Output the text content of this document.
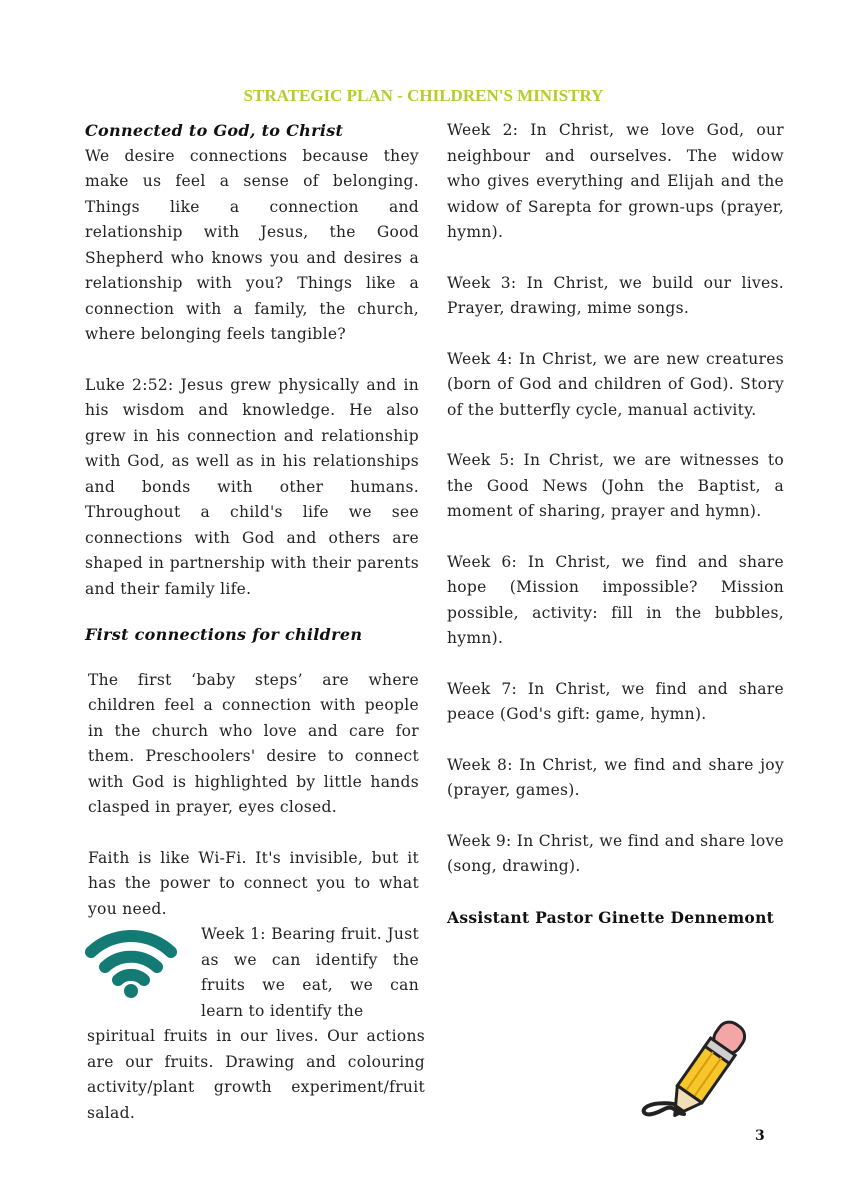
STRATEGIC PLAN - CHILDREN'S MINISTRY

Connected to God, to Christ

We desire connections because they make us feel a sense of belonging. Things like a connection and relationship with Jesus, the Good Shepherd who knows you and desires a relationship with you? Things like a connection with a family, the church, where belonging feels tangible?

Luke 2:52: Jesus grew physically and in his wisdom and knowledge. He also grew in his connection and relationship with God, as well as in his relationships and bonds with other humans. Throughout a child's life we see connections with God and others are shaped in partnership with their parents and their family life.

First connections for children

The first ‘baby steps’ are where children feel a connection with people in the church who love and care for them. Preschoolers' desire to connect with God is highlighted by little hands clasped in prayer, eyes closed.

Faith is like Wi-Fi. It's invisible, but it has the power to connect you to what you need.

Week 1: Bearing fruit. Just as we can identify the fruits we eat, we can learn to identify the

spiritual fruits in our lives. Our actions are our fruits. Drawing and colouring activity/plant growth experiment/fruit salad.

Week 2: In Christ, we love God, our neighbour and ourselves. The widow who gives everything and Elijah and the widow of Sarepta for grown-ups (prayer, hymn).

Week 3: In Christ, we build our lives. Prayer, drawing, mime songs.

Week 4: In Christ, we are new creatures (born of God and children of God). Story of the butterfly cycle, manual activity.

Week 5: In Christ, we are witnesses to the Good News (John the Baptist, a moment of sharing, prayer and hymn).

Week 6: In Christ, we find and share hope (Mission impossible? Mission possible, activity: fill in the bubbles, hymn).

Week 7: In Christ, we find and share peace (God's gift: game, hymn).

Week 8: In Christ, we find and share joy (prayer, games).

Week 9: In Christ, we find and share love (song, drawing).

Assistant Pastor Ginette Dennemont

3
